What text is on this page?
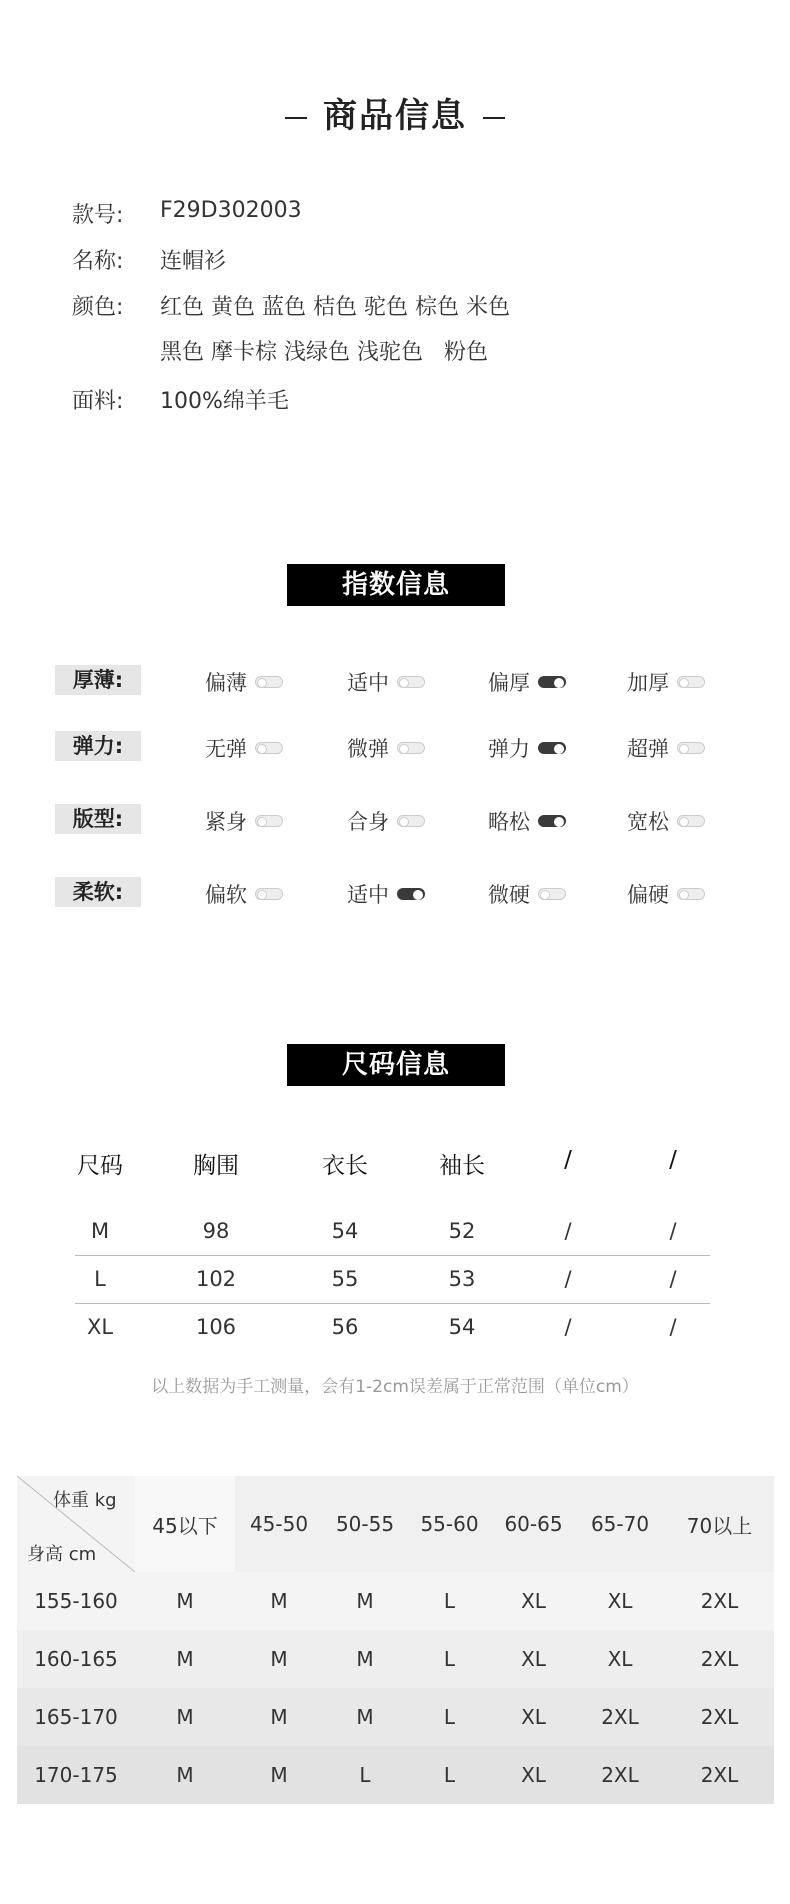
商品信息
款号: F29D302003
名称: 连帽衫
颜色: 红色 黄色 蓝色 桔色 驼色 棕色 米色
黑色 摩卡棕 浅绿色 浅驼色   粉色
面料: 100%绵羊毛
指数信息
厚薄:	偏薄	适中	偏厚	加厚
弹力:	无弹	微弹	弹力	超弹
版型:	紧身	合身	略松	宽松
柔软:	偏软	适中	微硬	偏硬
尺码信息
尺码	胸围	衣长	袖长	/	/
M	98	54	52	/	/
L	102	55	53	/	/
XL	106	56	54	/	/
以上数据为手工测量，会有1-2cm误差属于正常范围（单位cm）
体重 kg
身高 cm
45以下	45-50	50-55	55-60	60-65	65-70	70以上
155-160	M	M	M	L	XL	XL	2XL
160-165	M	M	M	L	XL	XL	2XL
165-170	M	M	M	L	XL	2XL	2XL
170-175	M	M	L	L	XL	2XL	2XL
